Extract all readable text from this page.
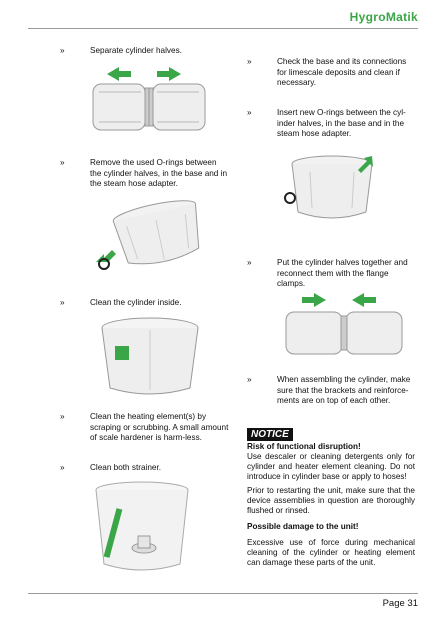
HygroMatik
»	Separate cylinder halves.
»	Remove the used O-rings between the cylinder halves, in the base and in the steam hose adapter.
»	Clean the cylinder inside.
»	Clean the heating element(s) by scraping or scrubbing. A small amount of scale hardener is harm-less.
»	Clean both strainer.
»	Check the base and its connections for limescale deposits and clean if necessary.
»	Insert new O-rings between the cyl-inder halves, in the base and in the steam hose adapter.
»	Put the cylinder halves together and reconnect them with the flange clamps.
»	When assembling the cylinder, make sure that the brackets and reinforce-ments are on top of each other.
NOTICE
Risk of functional disruption!
Use descaler or cleaning detergents only for cylinder and heater element cleaning. Do not introduce in cylinder base or apply to hoses!
Prior to restarting the unit, make sure that the device assemblies in question are thoroughly flushed or rinsed.
Possible damage to the unit!
Excessive use of force during mechanical cleaning of the cylinder or heating element can damage these parts of the unit.
Page 31
